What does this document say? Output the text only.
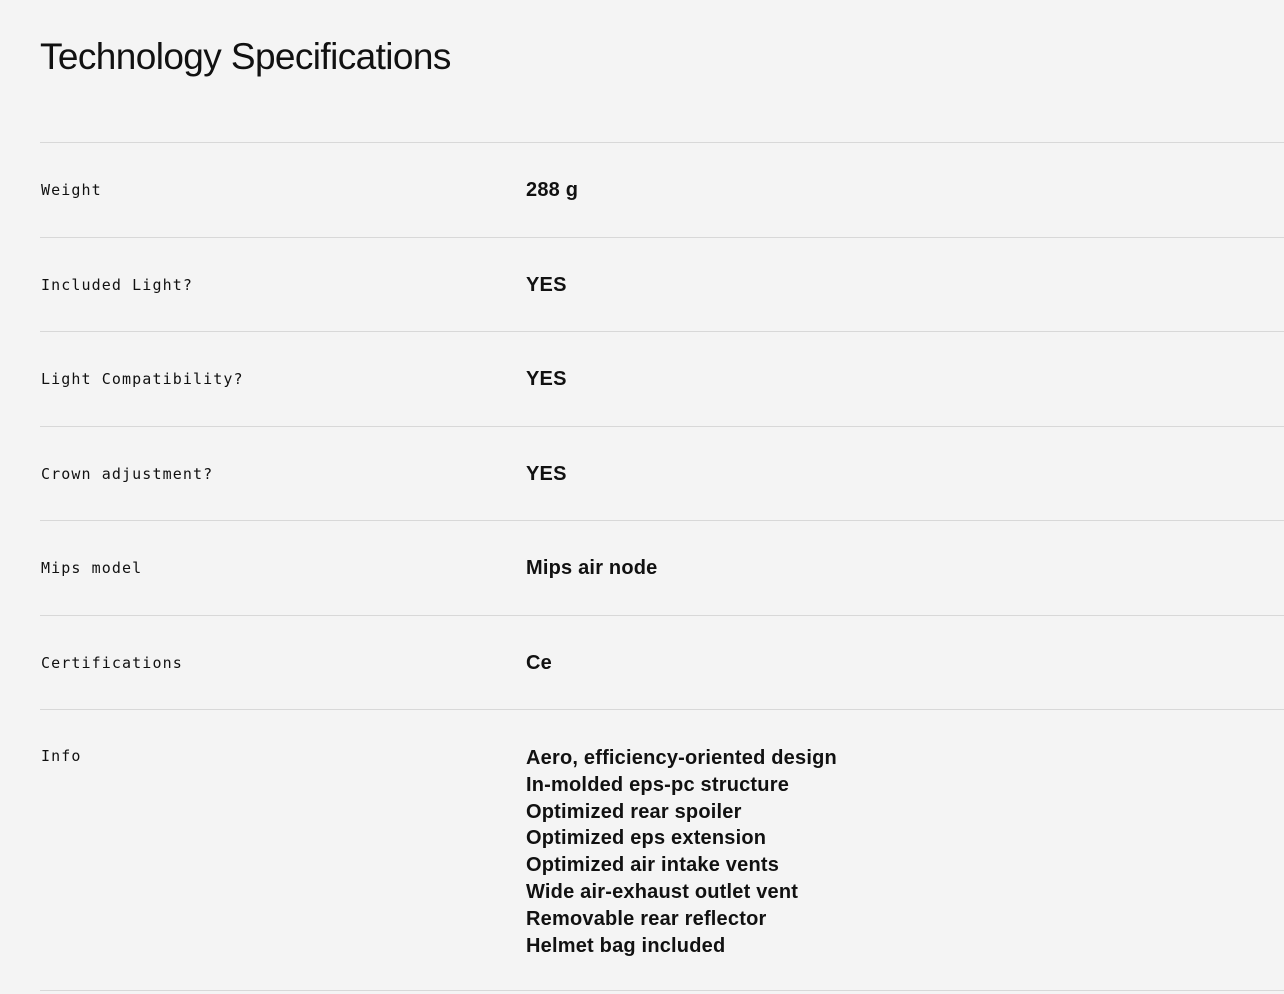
Technology Specifications
Weight	288 g
Included Light?	YES
Light Compatibility?	YES
Crown adjustment?	YES
Mips model	Mips air node
Certifications	Ce
Info	Aero, efficiency-oriented design
In-molded eps-pc structure
Optimized rear spoiler
Optimized eps extension
Optimized air intake vents
Wide air-exhaust outlet vent
Removable rear reflector
Helmet bag included
